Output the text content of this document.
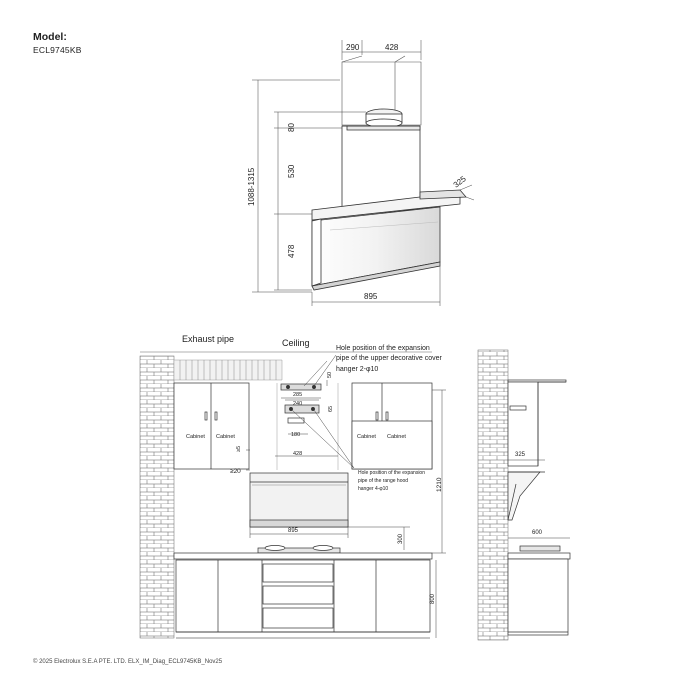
Model:
ECL9745KB	290	428
80
530
1088-1315
478
325
895
Exhaust pipe	Ceiling
Hole position of the expansion
pipe of the upper decorative cover
hanger 2-φ10
Hole position of the expansion
pipe of the range hood
hanger 4-φ10
Cabinet Cabinet	Cabinet Cabinet
50
285
240
65
180
428
≥5
≥20
1210
895
300
800
325
600
© 2025 Electrolux S.E.A PTE. LTD. ELX_IM_Diag_ECL9745KB_Nov25
